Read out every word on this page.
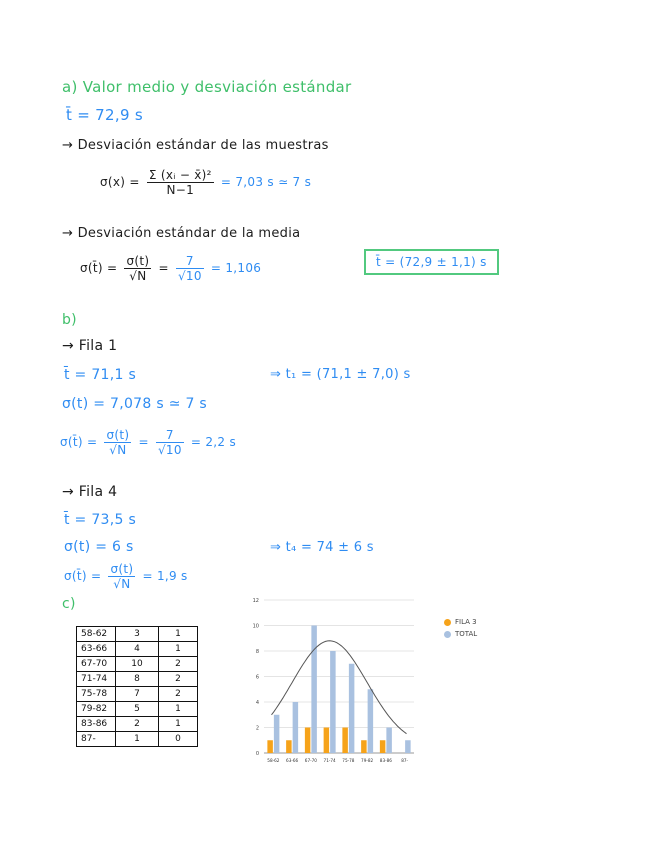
a) Valor medio y desviación estándar
t̄ = 72,9 s
→ Desviación estándar de las muestras
$\sigma(x) = \frac{\text{Σ (xᵢ − x̄)²}}{N-1} = 7,03$ s ≃ 7 s
→ Desviación estándar de la media
σ(t̄) = $\frac{\sigma(t)}{√N} = \frac{7}{√10} = 1,106$	t̄ = (72,9 ± 1,1) s
b)
→ Fila 1
t̄ = 71,1 s	⇒ t₁ = (71,1 ± 7,0) s
σ(t) = 7,078 s ≃ 7 s
σ(t̄) = $\frac{\sigma(t)}{√N} = \frac{7}{√10} = 2,2$ s
→ Fila 4
t̄ = 73,5 s
σ(t) = 6 s	⇒ t₄ = 74 ± 6 s
σ(t̄) = $\frac{\sigma(t)}{√N} = 1,9$ s
c)
58-62	3	1
63-66	4	1
67-70	10	2
71-74	8	2
75-78	7	2
79-82	5	1
83-86	2	1
87-	1	0
0
2
4
6
8
10
12
58-62 63-66 67-70 71-74 75-78 79-82 83-86 87-
FILA 3
TOTAL
